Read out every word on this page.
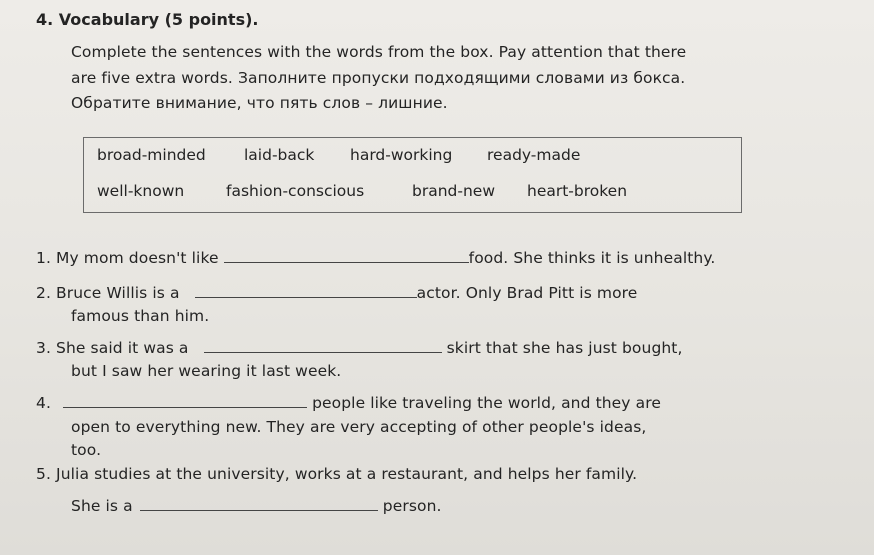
4. Vocabulary (5 points).
Complete the sentences with the words from the box. Pay attention that there
are five extra words. Заполните пропуски подходящими словами из бокса.
Обратите внимание, что пять слов – лишние.
broad-minded laid-back hard-working ready-made
well-known	fashion-conscious	brand-new heart-broken
1. My mom doesn't like	food. She thinks it is unhealthy.
2. Bruce Willis is a	actor. Only Brad Pitt is more
famous than him.
3. She said it was a	skirt that she has just bought,
but I saw her wearing it last week.
4.	people like traveling the world, and they are
open to everything new. They are very accepting of other people's ideas,
too.
5. Julia studies at the university, works at a restaurant, and helps her family.
She is a	person.
